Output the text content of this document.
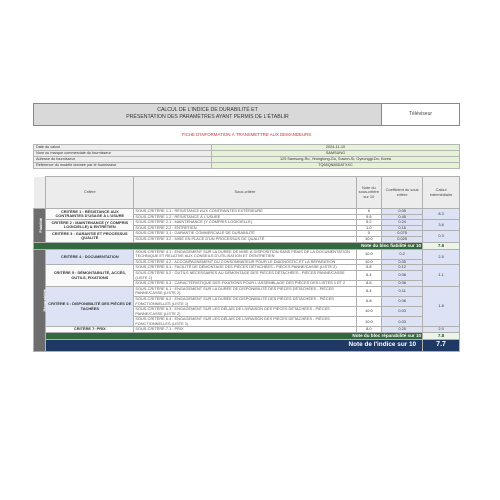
CALCUL DE L'INDICE DE DURABILITÉ ET
PRÉSENTATION DES PARAMÈTRES AYANT PERMIS DE L'ÉTABLIR	Téléviseur
FICHE D'INFORMATION À TRANSMETTRE AUX DEMANDEURS
Date du calcul	2024-11-10
Nom ou marque commerciale du fournisseur	SAMSUNG
Adresse du fournisseur	129 Samsung-Ro, Yeongtong-Gu, Suwon-Si, Gyeonggi-Do, Korea
Référence du modèle donnée par le fournisseur	TQ65QN85DATXXC
	Critère	Sous-critère	Note du sous-critère sur 10	Coefficient du sous critère	Calcul intermédiaire
Fiabilité	CRITÈRE 1 : RÉSISTANCE AUX CONTRAINTES D'USAGE À L'USURE	SOUS-CRITÈRE 1.1 : RÉSISTANCE AUX CONTRAINTES EXTÉRIEURE	9	0.05	8.3
		SOUS-CRITÈRE 1.2 : RÉSISTANCE À L'USURE	9.5	0.45	
	CRITÈRE 2 : MAINTENANCE (Y COMPRIS LOGICIELLE) & ENTRETIEN	SOUS-CRITÈRE 2.1 : MAINTENANCE (Y COMPRIS LOGICIELLE)	5.2	0.24	3.6
		SOUS-CRITÈRE 2.2 : ENTRETIEN	1.0	0.16	
	CRITÈRE 3 : GARANTIE ET PROCESSUS QUALITÉ	SOUS-CRITÈRE 3.1 : GARANTIE COMMERCIALE DE DURABILITÉ	0	0.075	0.3
		SOUS-CRITÈRE 3.2 : MISE EN PLACE D'UN PROCESSUS DE QUALITÉ	10.0	0.025	
Note du bloc fiabilité sur 10					7.6
Réparabilité	CRITÈRE 4 : DOCUMENTATION	SOUS-CRITÈRE 4.1 : ENGAGEMENT SUR LA DURÉE DE MISE À DISPOSITION SANS FRAIS DE LA DOCUMENTATION TECHNIQUE ET RELATIVE AUX CONSEILS D'UTILISATION ET D'ENTRETIEN	10.0	0.2	2.5
		SOUS-CRITÈRE 4.2 : ACCOMPAGNEMENT DU CONSOMMATEUR POUR LE DIAGNOSTIC ET LA RÉPARATION	10.0	0.05	
	CRITÈRE 5 : DÉMONTABILITÉ, ACCÈS, OUTILS, FIXATIONS	SOUS-CRITÈRE 5.1 : FACILITÉ DE DÉMONTAGE DES PIÈCES DÉTACHÉES - PIÈCES PANNE/CASSE (LISTE 2)	5.8	0.12	1.1
		SOUS-CRITÈRE 5.2 : OUTILS NÉCESSAIRES AU DÉMONTAGE DES PIÈCES DÉTACHÉES - PIÈCES PANNE/CASSE (LISTE 2)	6.4	0.06	
		SOUS-CRITÈRE 5.3 : CARACTÉRISTIQUE DES FIXATIONS POUR L'ASSEMBLAGE DES PIÈCES DES LISTES 1 ET 2	8.6	0.06	
	CRITÈRE 6 : DISPONIBILITÉ DES PIÈCES DE TACHÉES	SOUS-CRITÈRE 6.1 : ENGAGEMENT SUR LA DURÉE DE DISPONIBILITÉ DES PIÈCES DÉTACHÉES - PIÈCES PANNE/CASSE (LISTE 2)	6.4	0.11	1.8
		SOUS-CRITÈRE 6.2 : ENGAGEMENT SUR LA DURÉE DE DISPONIBILITÉ DES PIÈCES DÉTACHÉES - PIÈCES FONCTIONNELLES (LISTE 1)	6.8	0.06	
		SOUS-CRITÈRE 6.3 : ENGAGEMENT SUR LES DÉLAIS DE LIVRAISON DES PIÈCES DÉTACHÉES - PIÈCES PANNE/CASSE (LISTE 2)	10.0	0.03	
		SOUS-CRITÈRE 6.4 : ENGAGEMENT SUR LES DÉLAIS DE LIVRAISON DES PIÈCES DÉTACHÉES - PIÈCES FONCTIONNELLES (LISTE 1)	10.0	0.03	
	CRITÈRE 7: PRIX	SOUS-CRITÈRE 7.1 : PRIX	8.0	0.25	2.0
	Note du bloc réparabilité sur 10				7.8
	Note de l'indice sur 10				7.7
